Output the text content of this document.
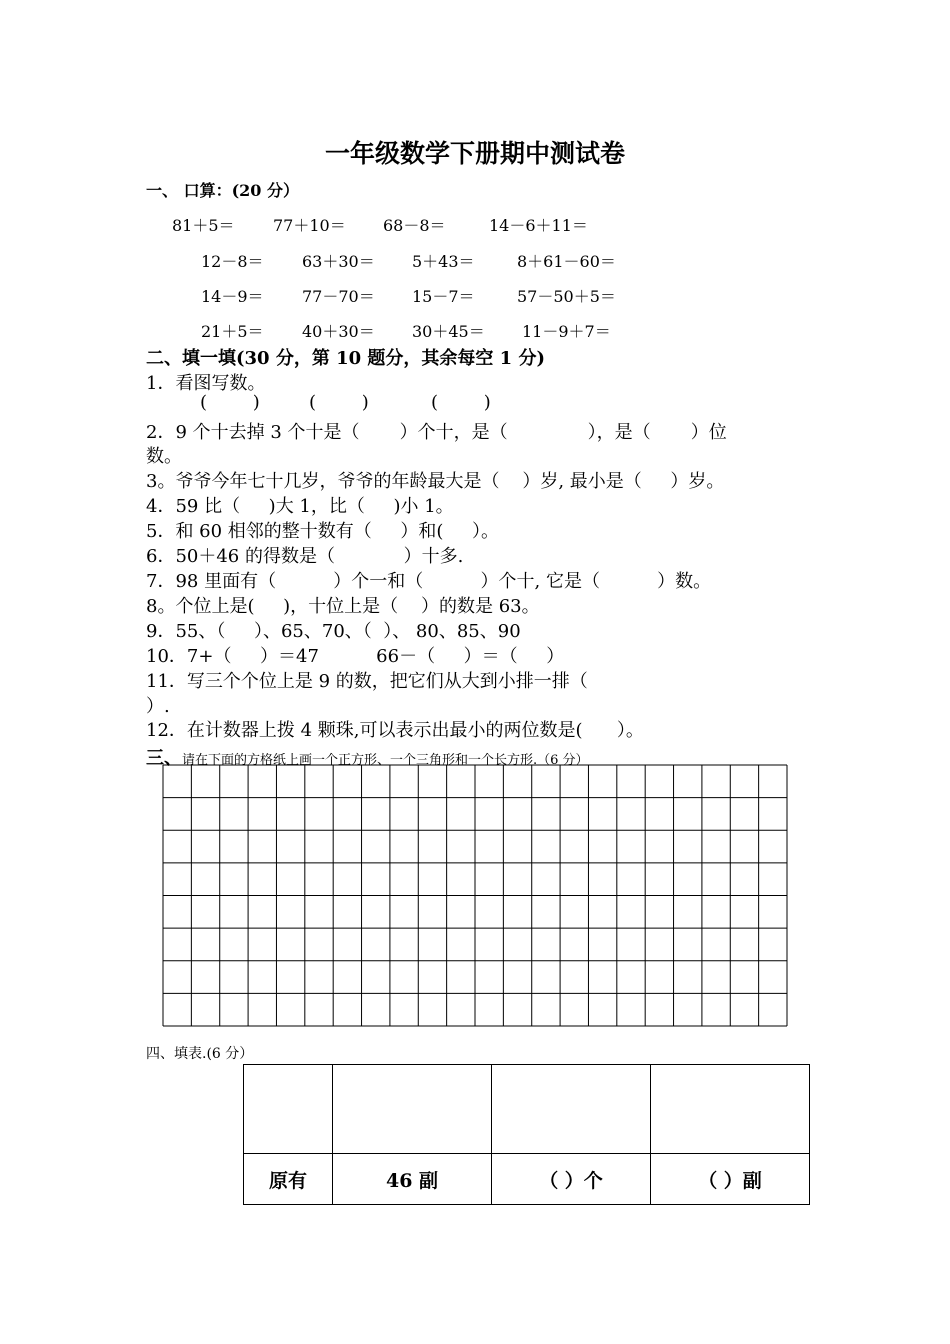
一年级数学下册期中测试卷
一、 口算：(20 分）
81＋5＝ 77＋10＝ 68－8＝	14－6＋11＝
12－8＝ 63＋30＝ 5＋43＝	8＋61－60＝
14－9＝ 77－70＝ 15－7＝	57－50＋5＝
21＋5＝ 40＋30＝ 30＋45＝ 11－9＋7＝
二、填一填(30 分，第 10 题分，其余每空 1 分)
1．看图写数。
(        )	(        )	(        )
2．9 个十去掉 3 个十是（       ）个十，是（              ），是（       ）位
数。
3。爷爷今年七十几岁，爷爷的年龄最大是（    ）岁, 最小是（     ）岁。
4．59 比（     )大 1，比（     )小 1。
5．和 60 相邻的整十数有（     ）和(     ）。
6．50＋46 的得数是（            ）十多.
7．98 里面有（          ）个一和（          ）个十, 它是（          ）数。
8。个位上是(     )，十位上是（    ）的数是 63。
9．55、（     ）、65、70、（  ）、 80、85、90
10．7+（     ）＝47          66－（     ）＝（     ）
11．写三个个位上是 9 的数，把它们从大到小排一排（
）.
12．在计数器上拨 4 颗珠,可以表示出最小的两位数是(      ）。
三、请在下面的方格纸上画一个正方形、一个三角形和一个长方形.（6 分）
四、填表.(6 分）

原有	46 副	（ ）个	（ ）副
